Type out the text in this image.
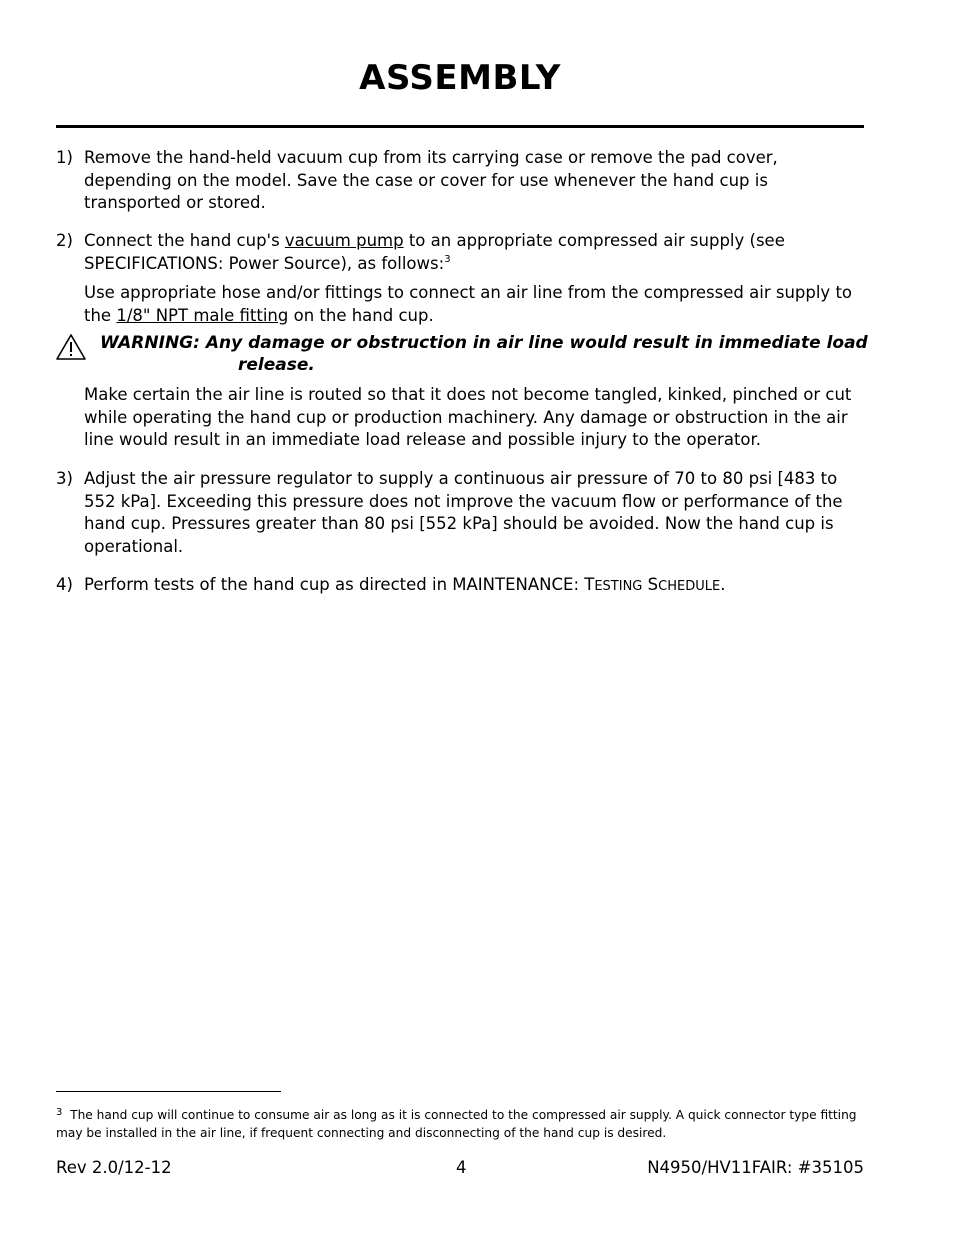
ASSEMBLY
1) Remove the hand-held vacuum cup from its carrying case or remove the pad cover, depending on the model. Save the case or cover for use whenever the hand cup is transported or stored.
2) Connect the hand cup's vacuum pump to an appropriate compressed air supply (see SPECIFICATIONS: Power Source), as follows:$^3$
Use appropriate hose and/or fittings to connect an air line from the compressed air supply to the 1/8" NPT male fitting on the hand cup.
WARNING: Any damage or obstruction in air line would result in immediate load
release.
Make certain the air line is routed so that it does not become tangled, kinked, pinched or cut while operating the hand cup or production machinery. Any damage or obstruction in the air line would result in an immediate load release and possible injury to the operator.
3) Adjust the air pressure regulator to supply a continuous air pressure of 70 to 80 psi [483 to 552 kPa]. Exceeding this pressure does not improve the vacuum flow or performance of the hand cup. Pressures greater than 80 psi [552 kPa] should be avoided. Now the hand cup is operational.
4) Perform tests of the hand cup as directed in MAINTENANCE: TESTING SCHEDULE.
$^3$ The hand cup will continue to consume air as long as it is connected to the compressed air supply. A quick connector type fitting may be installed in the air line, if frequent connecting and disconnecting of the hand cup is desired.
Rev 2.0/12-12	4	N4950/HV11FAIR: #35105
